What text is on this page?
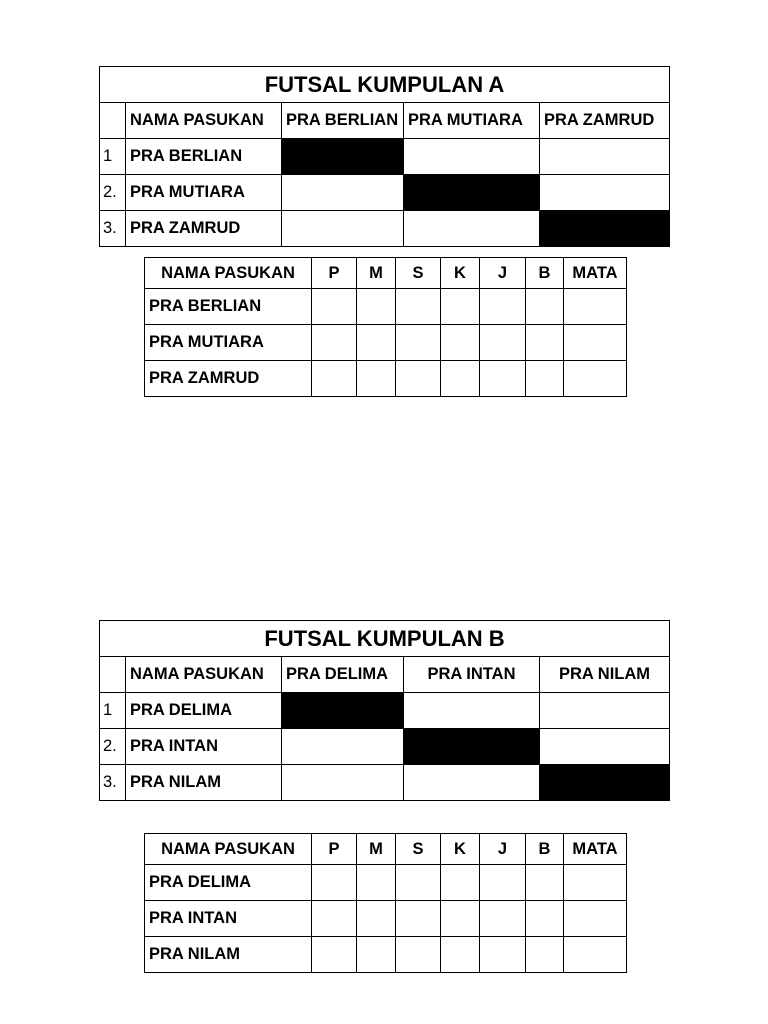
FUTSAL KUMPULAN A				
	NAMA PASUKAN	PRA BERLIAN	PRA MUTIARA	PRA ZAMRUD
1	PRA BERLIAN			
2.	PRA MUTIARA			
3.	PRA ZAMRUD			
NAMA PASUKAN	P	M	S	K	J	B	MATA
PRA BERLIAN							
PRA MUTIARA							
PRA ZAMRUD							
FUTSAL KUMPULAN B				
	NAMA PASUKAN	PRA DELIMA	PRA INTAN	PRA NILAM
1	PRA DELIMA			
2.	PRA INTAN			
3.	PRA NILAM			
NAMA PASUKAN	P	M	S	K	J	B	MATA
PRA DELIMA							
PRA INTAN							
PRA NILAM							
